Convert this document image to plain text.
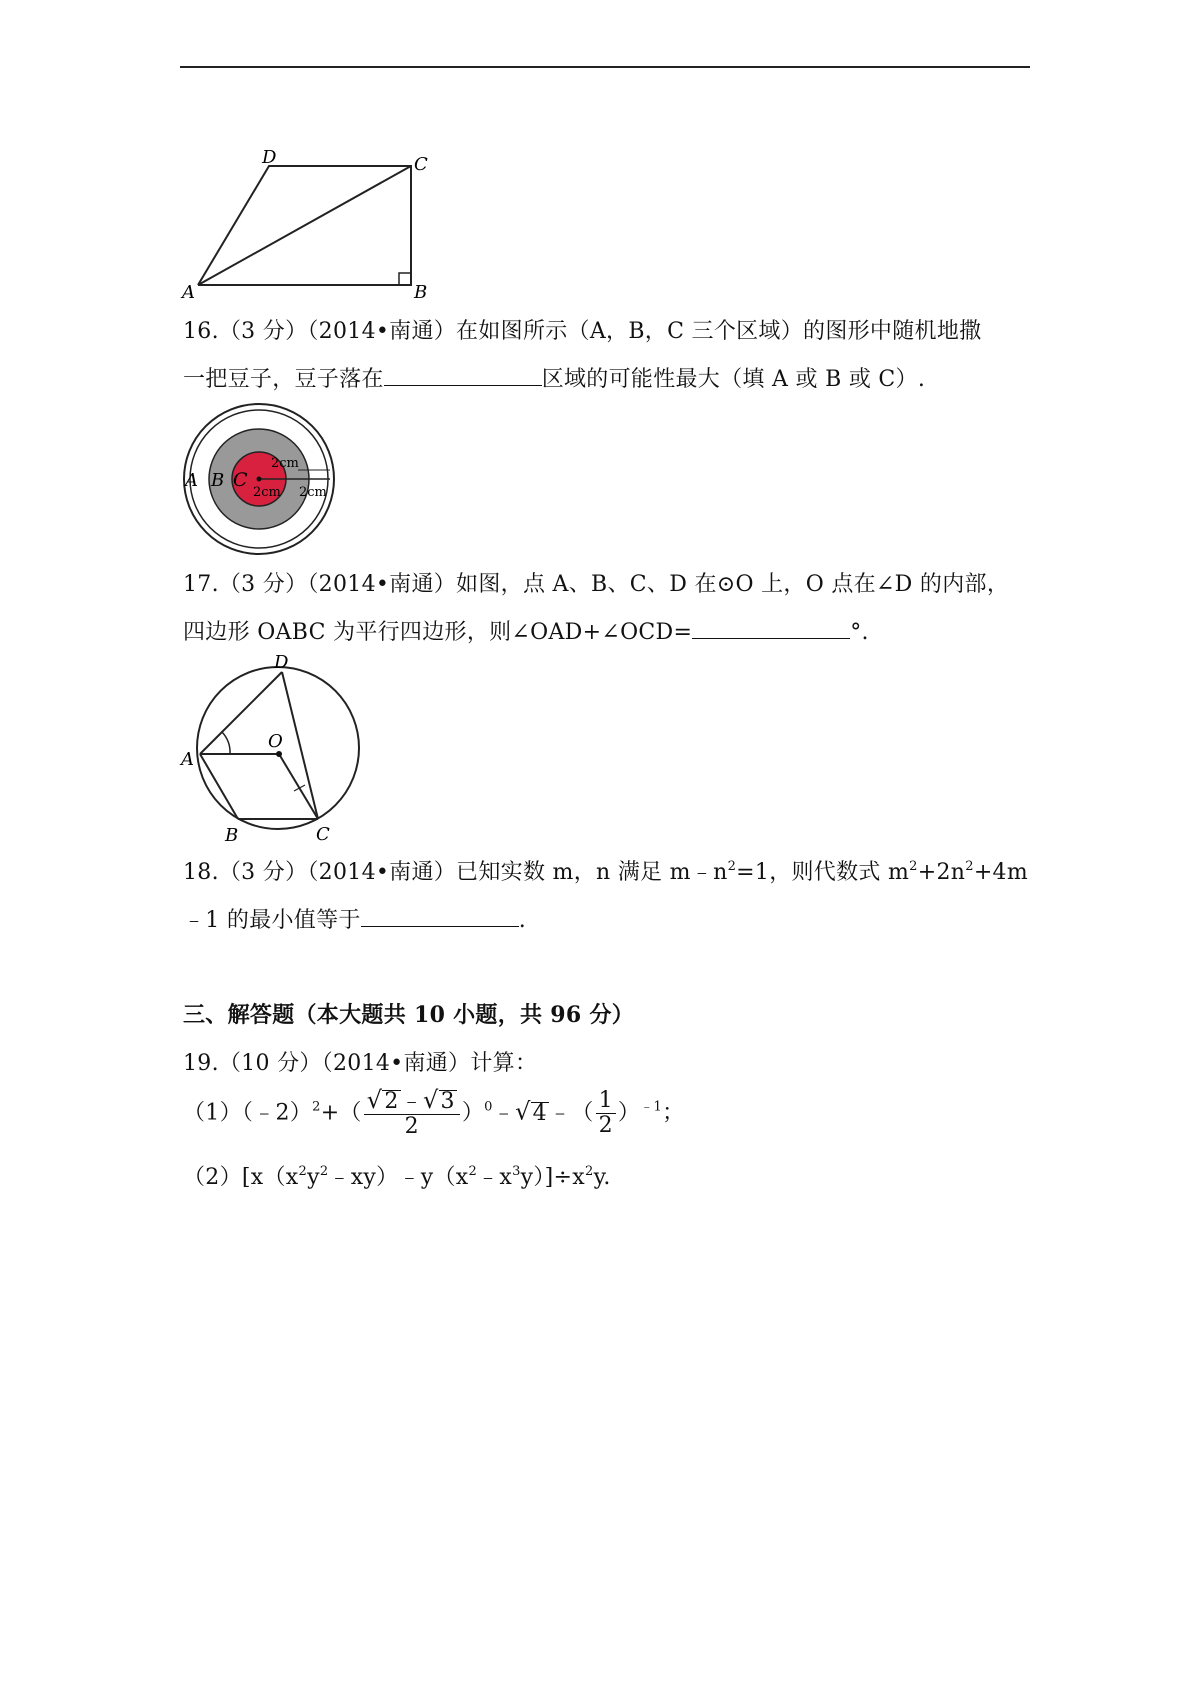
A	B
C
D
16.（3 分）（2014•南通）在如图所示（A，B，C 三个区域）的图形中随机地撒
一把豆子，豆子落在	区域的可能性最大（填 A 或 B 或 C）.
A B C
2cm
2cm 2cm
17.（3 分）（2014•南通）如图，点 A、B、C、D 在⊙O 上，O 点在∠D 的内部，
四边形 OABC 为平行四边形，则∠OAD+∠OCD=	°.
A
B	C
D
O
18.（3 分）（2014•南通）已知实数 m，n 满足 $m﹣n^2=1$，则代数式 $m^2+2n^2+4m$
﹣1 的最小值等于	.
三、解答题（本大题共 10 小题，共 96 分）
19.（10 分）（2014•南通）计算：
（1）（﹣2）$^2$+（ $\frac{√2﹣√3}{2}$ ）$^0$﹣√4﹣（ $\frac{1}{2} )^{﹣1}$；
$(2)[x(x^2y^2﹣xy)﹣y(x^2﹣x^3y)]\div x^2y$.
